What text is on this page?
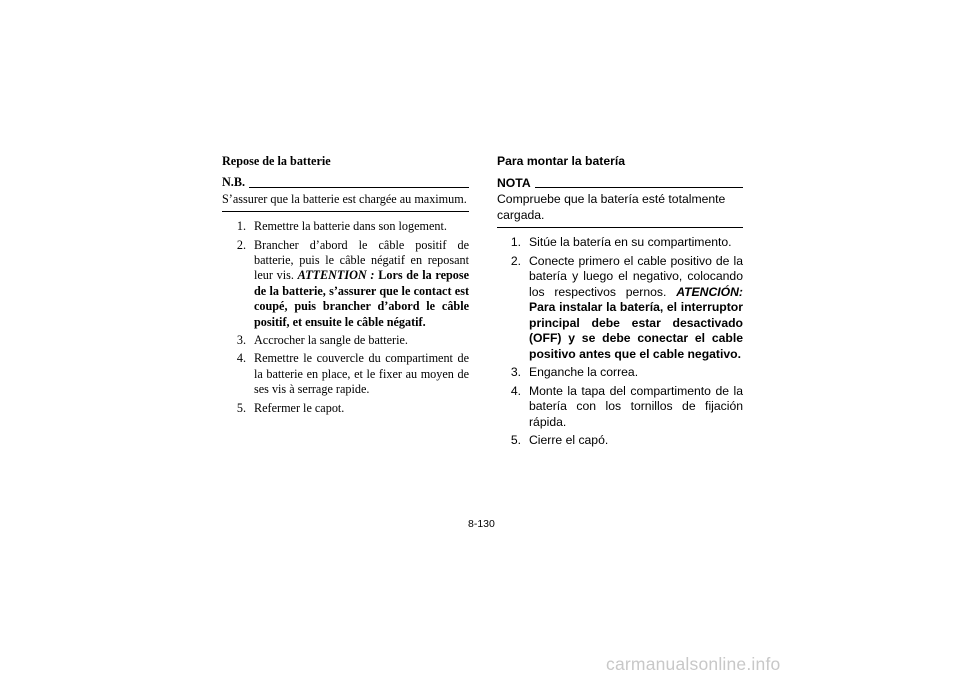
Repose de la batterie
N.B.
S’assurer que la batterie est chargée au maximum.
1. Remettre la batterie dans son logement.
2. Brancher d’abord le câble positif de batterie, puis le câble négatif en reposant leur vis. ATTENTION : Lors de la repose de la batterie, s’assurer que le contact est coupé, puis brancher d’abord le câble positif, et ensuite le câble négatif.
3. Accrocher la sangle de batterie.
4. Remettre le couvercle du compartiment de la batterie en place, et le fixer au moyen de ses vis à serrage rapide.
5. Refermer le capot.
Para montar la batería
NOTA
Compruebe que la batería esté totalmente cargada.
1. Sitúe la batería en su compartimento.
2. Conecte primero el cable positivo de la batería y luego el negativo, colocando los respectivos pernos. ATENCIÓN: Para instalar la batería, el interruptor principal debe estar desactivado (OFF) y se debe conectar el cable positivo antes que el cable negativo.
3. Enganche la correa.
4. Monte la tapa del compartimento de la batería con los tornillos de fijación rápida.
5. Cierre el capó.
8-130
carmanualsonline.info
